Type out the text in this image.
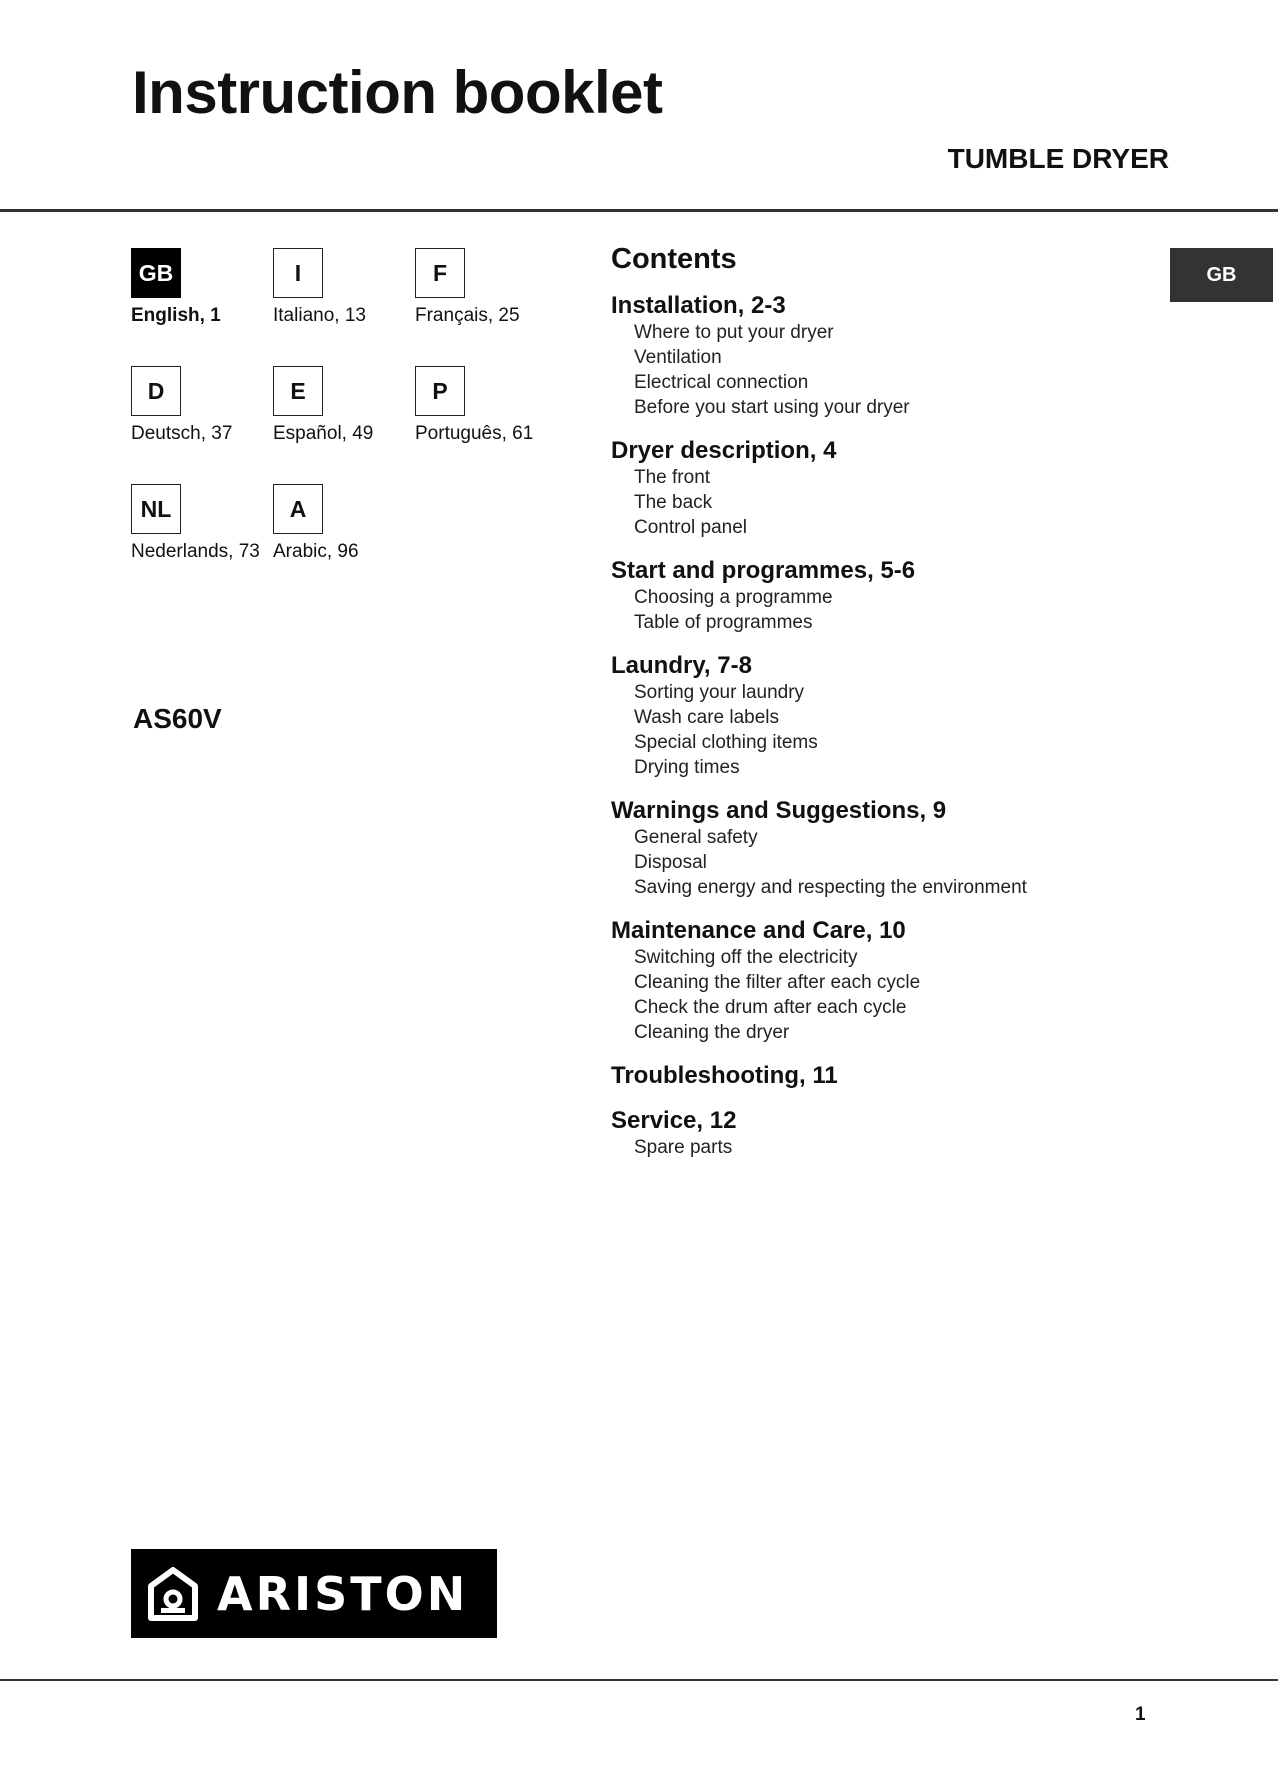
Instruction booklet
TUMBLE DRYER
GB
English, 1
I
Italiano, 13
F
Français, 25
D
Deutsch, 37
E
Español, 49
P
Português, 61
NL
Nederlands, 73
A
Arabic, 96
AS60V
GB
Contents
Installation, 2-3
Where to put your dryer
Ventilation
Electrical connection
Before you start using your dryer
Dryer description, 4
The front
The back
Control panel
Start and programmes, 5-6
Choosing a programme
Table of programmes
Laundry, 7-8
Sorting your laundry
Wash care labels
Special clothing items
Drying times
Warnings and Suggestions, 9
General safety
Disposal
Saving energy and respecting the environment
Maintenance and Care, 10
Switching off the electricity
Cleaning the filter after each cycle
Check the drum after each cycle
Cleaning the dryer
Troubleshooting, 11
Service, 12
Spare parts
ARISTON
1
